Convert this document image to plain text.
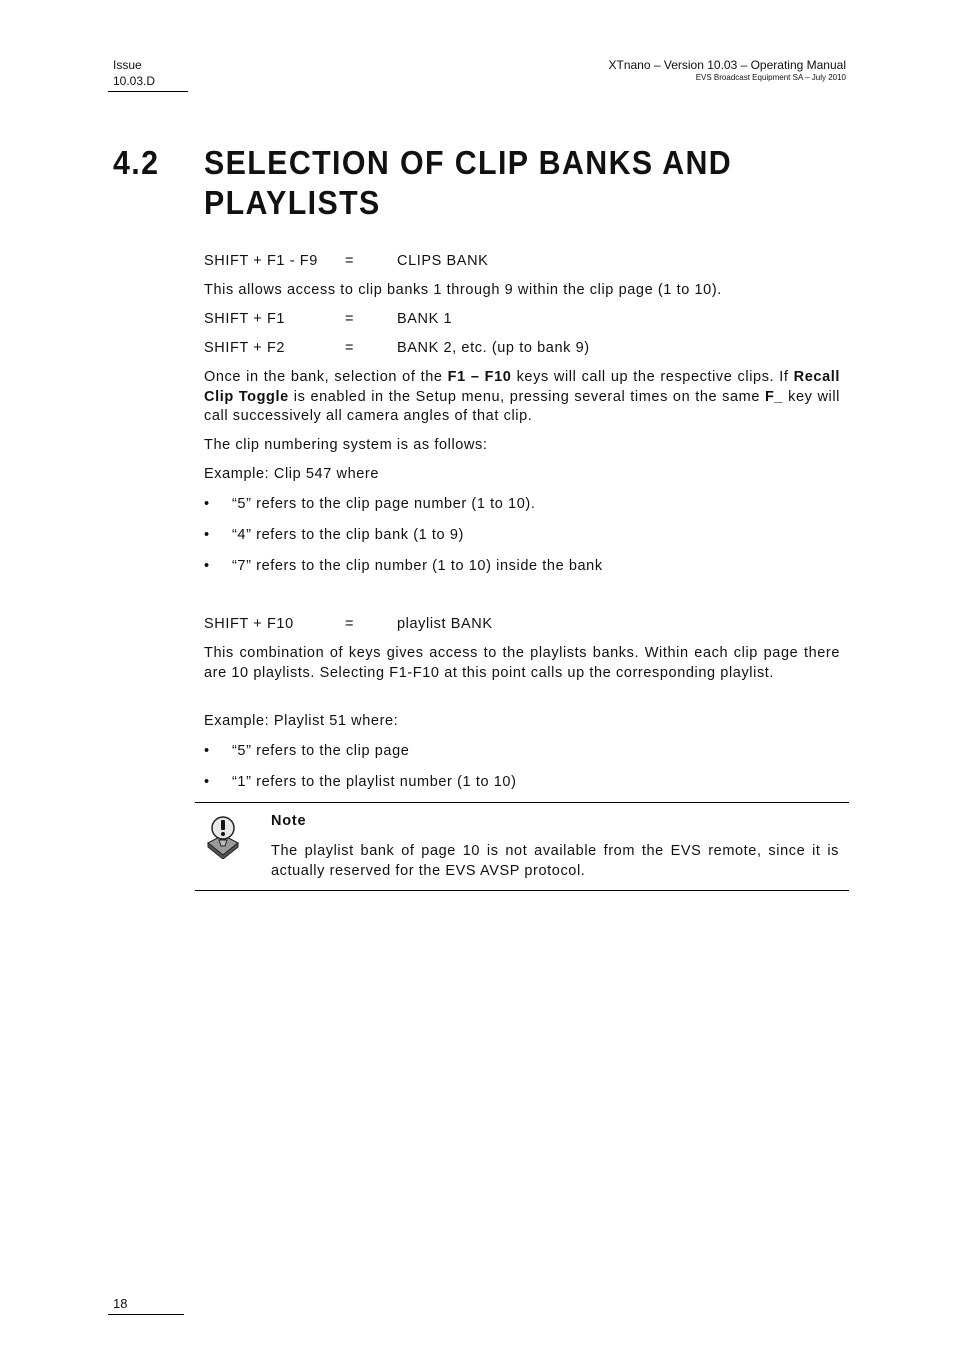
Issue
10.03.D
XTnano – Version 10.03 – Operating Manual
EVS Broadcast Equipment SA – July 2010
4.2 SELECTION OF CLIP BANKS AND PLAYLISTS
SHIFT + F1 - F9 =	CLIPS BANK
This allows access to clip banks 1 through 9 within the clip page (1 to 10).
SHIFT + F1	=	BANK 1
SHIFT + F2	=	BANK 2, etc. (up to bank 9)
Once in the bank, selection of the F1 – F10 keys will call up the respective clips. If Recall Clip Toggle is enabled in the Setup menu, pressing several times on the same F_ key will call successively all camera angles of that clip.
The clip numbering system is as follows:
Example: Clip 547 where
• “5” refers to the clip page number (1 to 10).
• “4” refers to the clip bank (1 to 9)
• “7” refers to the clip number (1 to 10) inside the bank
SHIFT + F10	=	playlist BANK
This combination of keys gives access to the playlists banks. Within each clip page there are 10 playlists. Selecting F1-F10 at this point calls up the corresponding playlist.
Example: Playlist 51 where:
• “5” refers to the clip page
• “1” refers to the playlist number (1 to 10)
Note
The playlist bank of page 10 is not available from the EVS remote, since it is actually reserved for the EVS AVSP protocol.
18
